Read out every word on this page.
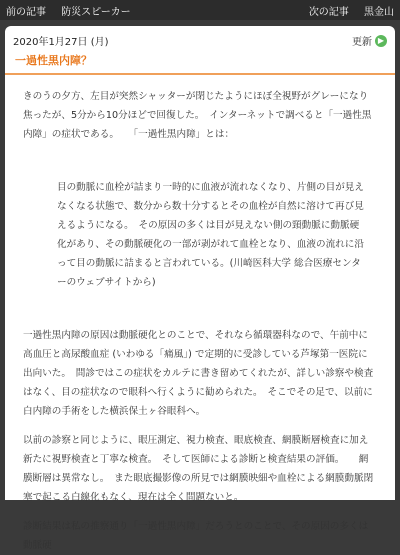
前の記事 防災スピーカー	次の記事 黒金山
2020年1月27日 (月)	更新 ▶
一過性黒内障？

きのうの夕方、左目が突然シャッターが閉じたようにほぼ全視野がグレーになり焦ったが、5分から10分ほどで回復した。　インターネットで調べると「一過性黒内障」の症状である。　　「一過性黒内障」とは：

目の動脈に血栓が詰まり一時的に血液が流れなくなり、片側の目が見えなくなる状態で、数分から数十分するとその血栓が自然に溶けて再び見えるようになる。　その原因の多くは目が見えない側の頸動脈に動脈硬化があり、その動脈硬化の一部が剥がれて血栓となり、血液の流れに沿って目の動脈に詰まると言われている。(川崎医科大学 総合医療センターのウェブサイトから)

一過性黒内障の原因は動脈硬化とのことで、それなら循環器科なので、午前中に高血圧と高尿酸血症 (いわゆる「痛風」) で定期的に受診している芦塚第一医院に出向いた。　問診ではこの症状をカルテに書き留めてくれたが、詳しい診察や検査はなく、目の症状なので眼科へ行くように勧められた。　そこでその足で、以前に白内障の手術をした横浜保土ヶ谷眼科へ。

以前の診察と同じように、眼圧測定、視力検査、眼底検査、網膜断層検査に加え新たに視野検査と丁寧な検査。　そして医師による診断と検査結果の評価。　　網膜断層は異常なし。　また眼底撮影像の所見では網膜映細や血栓による網膜動脈閉塞で起こる白線化もなく、現在は全く問題ないと。

診断結果は私の推察通り「一過性黒内障」だろうとのことで、その原因の多くは動脈硬
